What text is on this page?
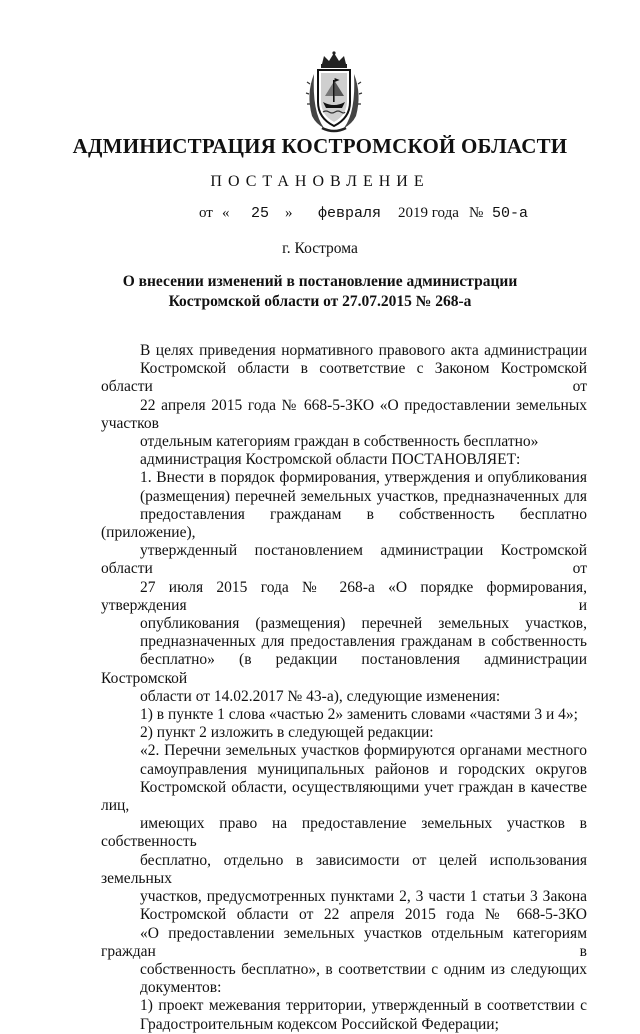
АДМИНИСТРАЦИЯ КОСТРОМСКОЙ ОБЛАСТИ
ПОСТАНОВЛЕНИЕ
от « 25 » февраля 2019 года № 50-а
г. Кострома
О внесении изменений в постановление администрации
Костромской области от 27.07.2015 № 268-а

В целях приведения нормативного правового акта администрации
Костромской области в соответствие с Законом Костромской области от
22 апреля 2015 года № 668-5-ЗКО «О предоставлении земельных участков
отдельным категориям граждан в собственность бесплатно»

администрация Костромской области ПОСТАНОВЛЯЕТ:

1. Внести в порядок формирования, утверждения и опубликования
(размещения) перечней земельных участков, предназначенных для
предоставления гражданам в собственность бесплатно (приложение),
утвержденный постановлением администрации Костромской области от
27 июля 2015 года № 268-а «О порядке формирования, утверждения и
опубликования (размещения) перечней земельных участков,
предназначенных для предоставления гражданам в собственность
бесплатно» (в редакции постановления администрации Костромской
области от 14.02.2017 № 43-а), следующие изменения:

1) в пункте 1 слова «частью 2» заменить словами «частями 3 и 4»;

2) пункт 2 изложить в следующей редакции:

«2. Перечни земельных участков формируются органами местного
самоуправления муниципальных районов и городских округов
Костромской области, осуществляющими учет граждан в качестве лиц,
имеющих право на предоставление земельных участков в собственность
бесплатно, отдельно в зависимости от целей использования земельных
участков, предусмотренных пунктами 2, 3 части 1 статьи 3 Закона
Костромской области от 22 апреля 2015 года № 668-5-ЗКО
«О предоставлении земельных участков отдельным категориям граждан в
собственность бесплатно», в соответствии с одним из следующих
документов:

1) проект межевания территории, утвержденный в соответствии с
Градостроительным кодексом Российской Федерации;
